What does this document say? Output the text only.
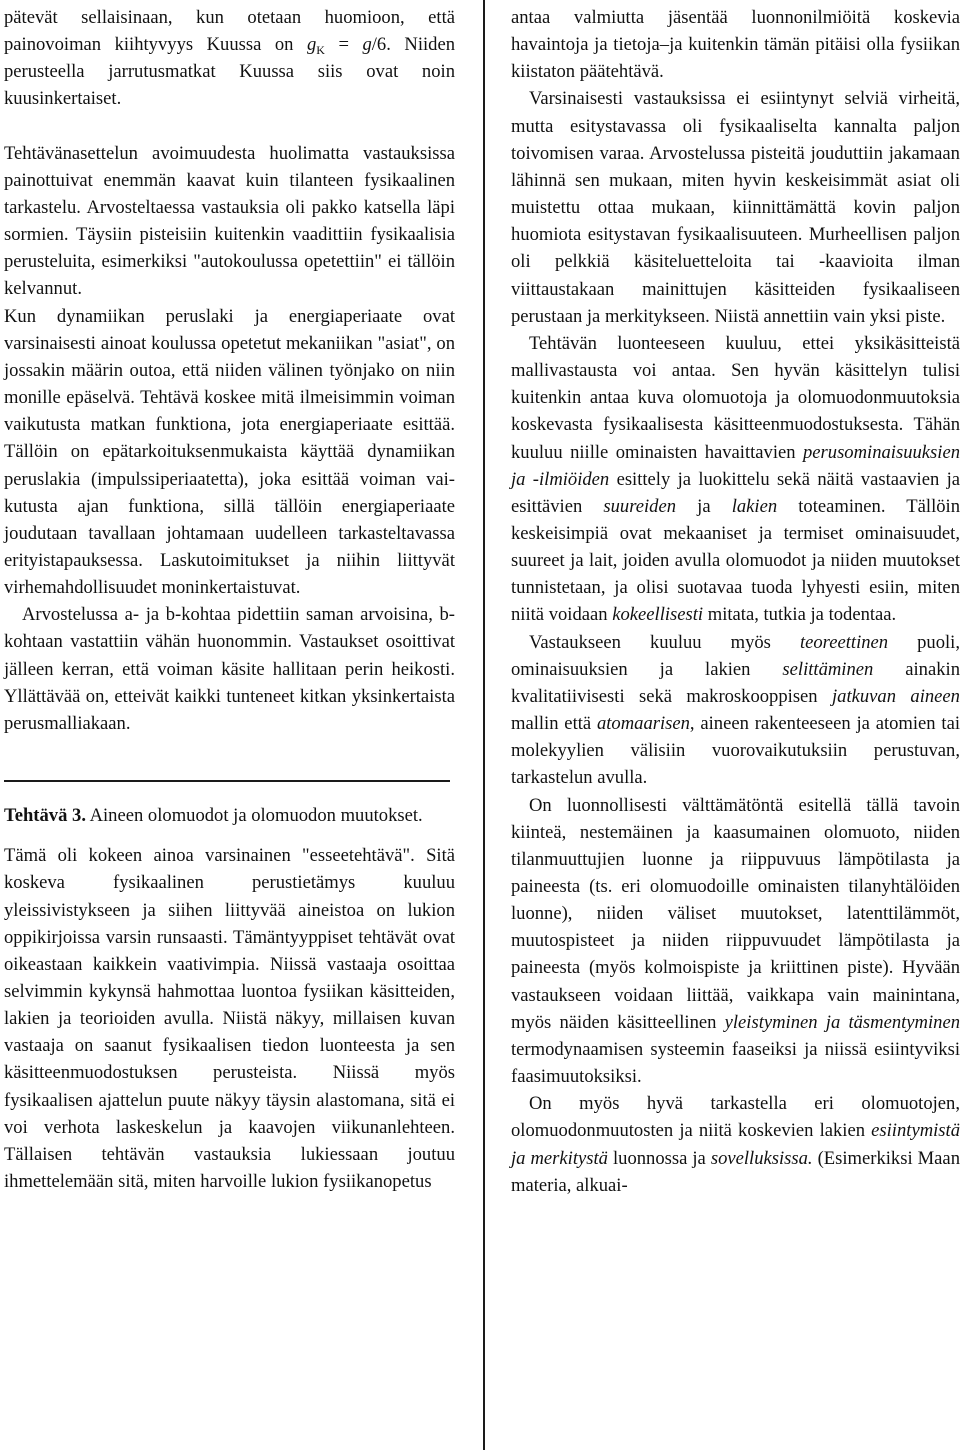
pätevät sellaisinaan, kun otetaan huomioon, että painovoiman kiihtyvyys Kuussa on $g_K = g/6$. Niiden perusteella jarrutusmatkat Kuussa siis ovat noin kuusinkertaiset.

Tehtävänasettelun avoimuudesta huolimatta vastauksissa painottuivat enemmän kaavat kuin tilanteen fysikaalinen tarkastelu. Arvosteltaessa vastauksia oli pakko katsella läpi sormien. Täysiin pisteisiin kuitenkin vaadittiin fysikaalisia perusteluita, esimerkiksi "autokoulussa opetettiin" ei tällöin kelvannut.

Kun dynamiikan peruslaki ja energiaperiaate ovat varsinaisesti ainoat koulussa opetetut mekaniikan "asiat", on jossakin määrin outoa, että niiden välinen työnjako on niin monille epäselvä. Tehtävä koskee mitä ilmeisimmin voiman vaikutusta matkan funktiona, jota energiaperiaate esittää. Tällöin on epätarkoituksenmukaista käyttää dynamiikan peruslakia (impulssiperiaatetta), joka esittää voiman vaikutusta ajan funktiona, sillä tällöin energiaperiaate joudutaan tavallaan johtamaan uudelleen tarkasteltavassa erityistapauksessa. Laskutoimitukset ja niihin liittyvät virhemahdollisuudet moninkertaistuvat.

Arvostelussa a- ja b-kohtaa pidettiin saman arvoisina, b-kohtaan vastattiin vähän huonommin. Vastaukset osoittivat jälleen kerran, että voiman käsite hallitaan perin heikosti. Yllättävää on, etteivät kaikki tunteneet kitkan yksinkertaista perusmalliakaan.

Tehtävä 3. Aineen olomuodot ja olomuodon muutokset.

Tämä oli kokeen ainoa varsinainen "esseetehtävä". Sitä koskeva fysikaalinen perustietämys kuuluu yleissivistykseen ja siihen liittyvää aineistoa on lukion oppikirjoissa varsin runsaasti. Tämäntyyppiset tehtävät ovat oikeastaan kaikkein vaativimpia. Niissä vastaaja osoittaa selvimmin kykynsä hahmottaa luontoa fysiikan käsitteiden, lakien ja teorioiden avulla. Niistä näkyy, millaisen kuvan vastaaja on saanut fysikaalisen tiedon luonteesta ja sen käsitteenmuodostuksen perusteista. Niissä myös fysikaalisen ajattelun puute näkyy täysin alastomana, sitä ei voi verhota laskeskelun ja kaavojen viikunanlehteen. Tällaisen tehtävän vastauksia lukiessaan joutuu ihmettelemään sitä, miten harvoille lukion fysiikanopetus

antaa valmiutta jäsentää luonnonilmiöitä koskevia havaintoja ja tietoja–ja kuitenkin tämän pitäisi olla fysiikan kiistaton päätehtävä.

Varsinaisesti vastauksissa ei esiintynyt selviä virheitä, mutta esitystavassa oli fysikaaliselta kannalta paljon toivomisen varaa. Arvostelussa pisteitä jouduttiin jakamaan lähinnä sen mukaan, miten hyvin keskeisimmät asiat oli muistettu ottaa mukaan, kiinnittämättä kovin paljon huomiota esitystavan fysikaalisuuteen. Murheellisen paljon oli pelkkiä käsiteluetteloita tai -kaavioita ilman viittaustakaan mainittujen käsitteiden fysikaaliseen perustaan ja merkitykseen. Niistä annettiin vain yksi piste.

Tehtävän luonteeseen kuuluu, ettei yksikäsitteistä mallivastausta voi antaa. Sen hyvän käsittelyn tulisi kuitenkin antaa kuva olomuotoja ja olomuodonmuutoksia koskevasta fysikaalisesta käsitteenmuodostuksesta. Tähän kuuluu niille ominaisten havaittavien perusominaisuuksien ja -ilmiöiden esittely ja luokittelu sekä näitä vastaavien ja esittävien suureiden ja lakien toteaminen. Tällöin keskeisimpiä ovat mekaaniset ja termiset ominaisuudet, suureet ja lait, joiden avulla olomuodot ja niiden muutokset tunnistetaan, ja olisi suotavaa tuoda lyhyesti esiin, miten niitä voidaan kokeellisesti mitata, tutkia ja todentaa.

Vastaukseen kuuluu myös teoreettinen puoli, ominaisuuksien ja lakien selittäminen ainakin kvalitatiivisesti sekä makroskooppisen jatkuvan aineen mallin että atomaarisen, aineen rakenteeseen ja atomien tai molekyylien välisiin vuorovaikutuksiin perustuvan, tarkastelun avulla.

On luonnollisesti välttämätöntä esitellä tällä tavoin kiinteä, nestemäinen ja kaasumainen olomuoto, niiden tilanmuuttujien luonne ja riippuvuus lämpötilasta ja paineesta (ts. eri olomuodoille ominaisten tilanyhtälöiden luonne), niiden väliset muutokset, latenttilämmöt, muutospisteet ja niiden riippuvuudet lämpötilasta ja paineesta (myös kolmoispiste ja kriittinen piste). Hyvään vastaukseen voidaan liittää, vaikkapa vain mainintana, myös näiden käsitteellinen yleistyminen ja täsmentyminen termodynaamisen systeemin faaseiksi ja niissä esiintyviksi faasimuutoksiksi.

On myös hyvä tarkastella eri olomuotojen, olomuodonmuutosten ja niitä koskevien lakien esiintymistä ja merkitystä luonnossa ja sovelluksissa. (Esimerkiksi Maan materia, alkuai-
